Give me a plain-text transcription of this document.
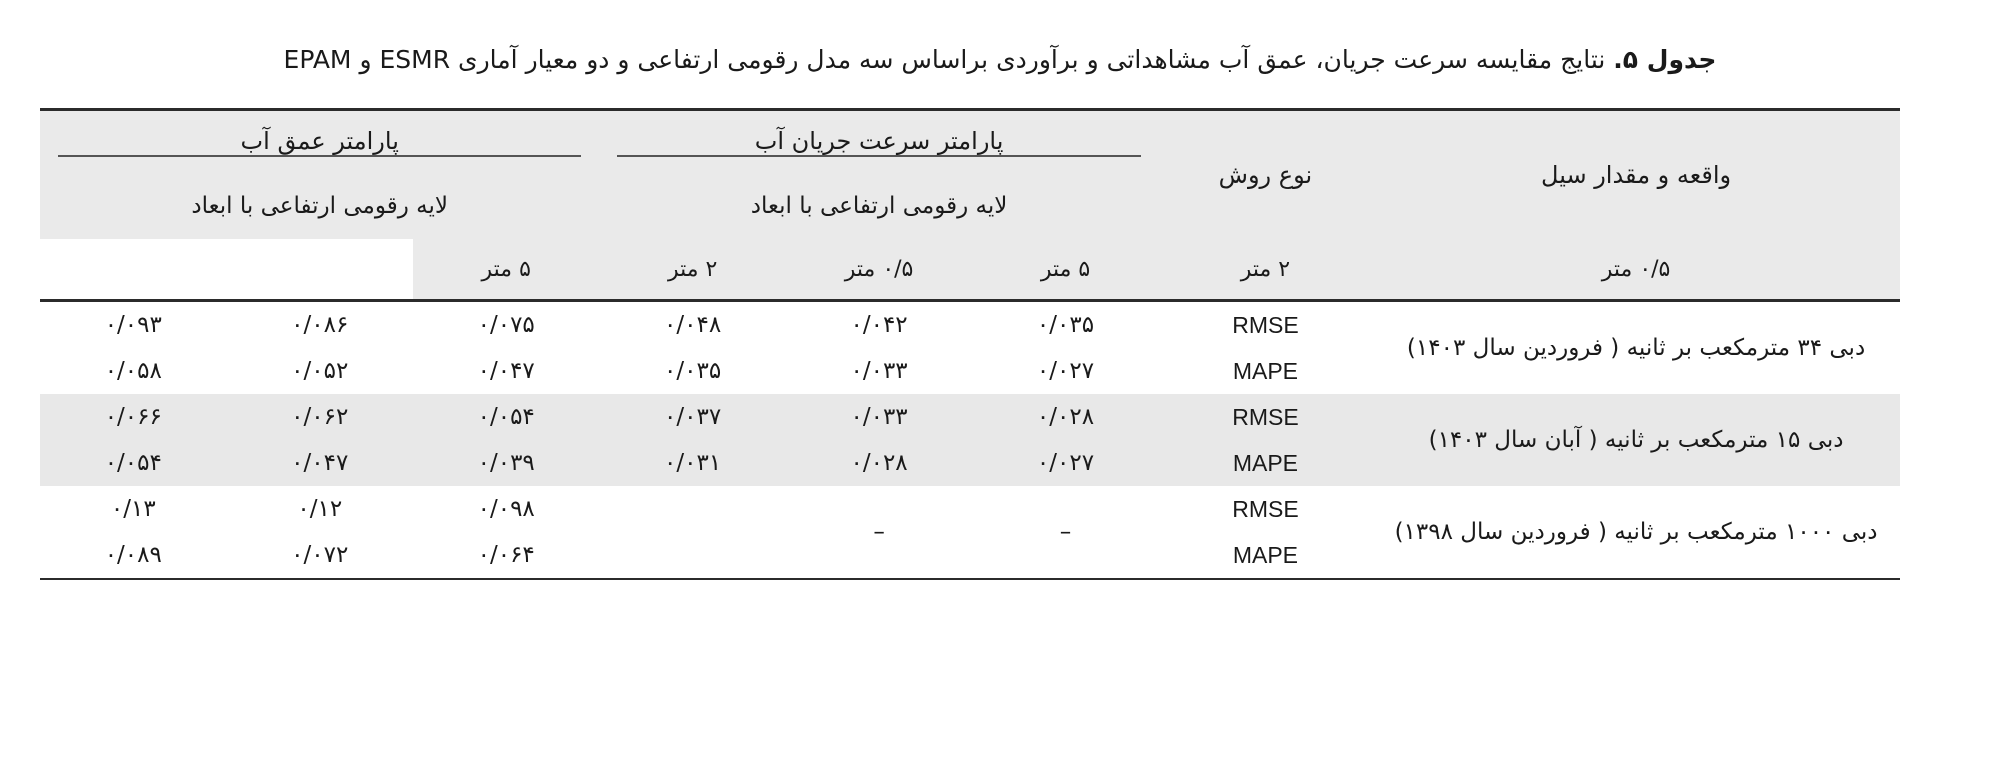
جدول ۵. نتایج مقایسه سرعت جریان، عمق آب مشاهداتی و برآوردی براساس سه مدل رقومی ارتفاعی و دو معیار آماری ESMR و EPAM
واقعه و مقدار سیل	نوع روش	پارامتر سرعت جریان آب			پارامتر عمق آب		

		لایه رقومی ارتفاعی با ابعاد			لایه رقومی ارتفاعی با ابعاد		
۰/۵ متر	۲ متر	۵ متر	۰/۵ متر	۲ متر	۵ متر		
دبی ۳۴ مترمکعب بر ثانیه ( فروردین سال ۱۴۰۳)	RMSE	۰/۰۳۵	۰/۰۴۲	۰/۰۴۸	۰/۰۷۵	۰/۰۸۶	۰/۰۹۳
	MAPE	۰/۰۲۷	۰/۰۳۳	۰/۰۳۵	۰/۰۴۷	۰/۰۵۲	۰/۰۵۸
دبی ۱۵ مترمکعب بر ثانیه ( آبان سال ۱۴۰۳)	RMSE	۰/۰۲۸	۰/۰۳۳	۰/۰۳۷	۰/۰۵۴	۰/۰۶۲	۰/۰۶۶
	MAPE	۰/۰۲۷	۰/۰۲۸	۰/۰۳۱	۰/۰۳۹	۰/۰۴۷	۰/۰۵۴
دبی ۱۰۰۰ مترمکعب بر ثانیه ( فروردین سال ۱۳۹۸)	RMSE	–	–		۰/۰۹۸	۰/۱۲	۰/۱۳
	MAPE				۰/۰۶۴	۰/۰۷۲	۰/۰۸۹
